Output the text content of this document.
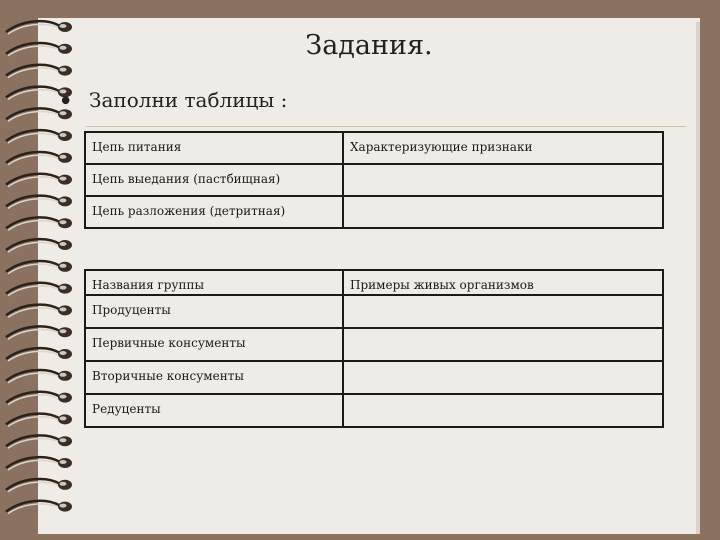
Задания.
• Заполни таблицы :
Цепь питания	Характеризующие признаки
Цепь выедания (пастбищная)	
Цепь разложения (детритная)	
Названия группы	Примеры живых организмов
Продуценты	
Первичные консументы	
Вторичные консументы	
Редуценты	
